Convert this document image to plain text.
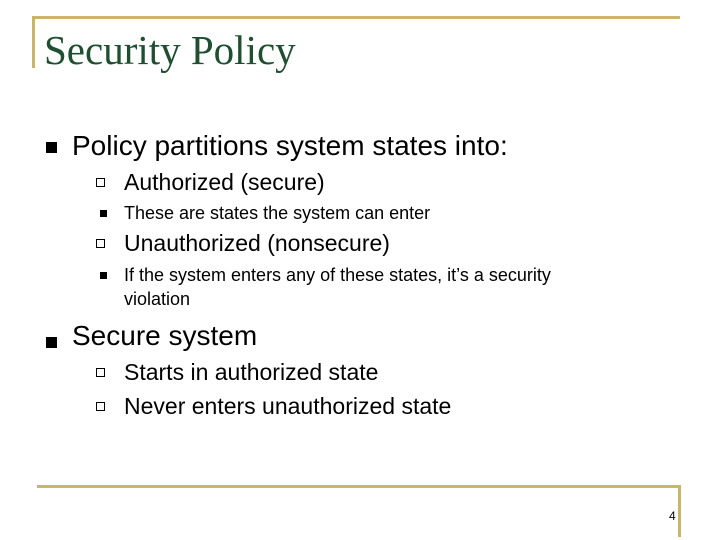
Security Policy
Policy partitions system states into:
Authorized (secure)
These are states the system can enter
Unauthorized (nonsecure)
If the system enters any of these states, it’s a security
violation
Secure system
Starts in authorized state
Never enters unauthorized state
4
